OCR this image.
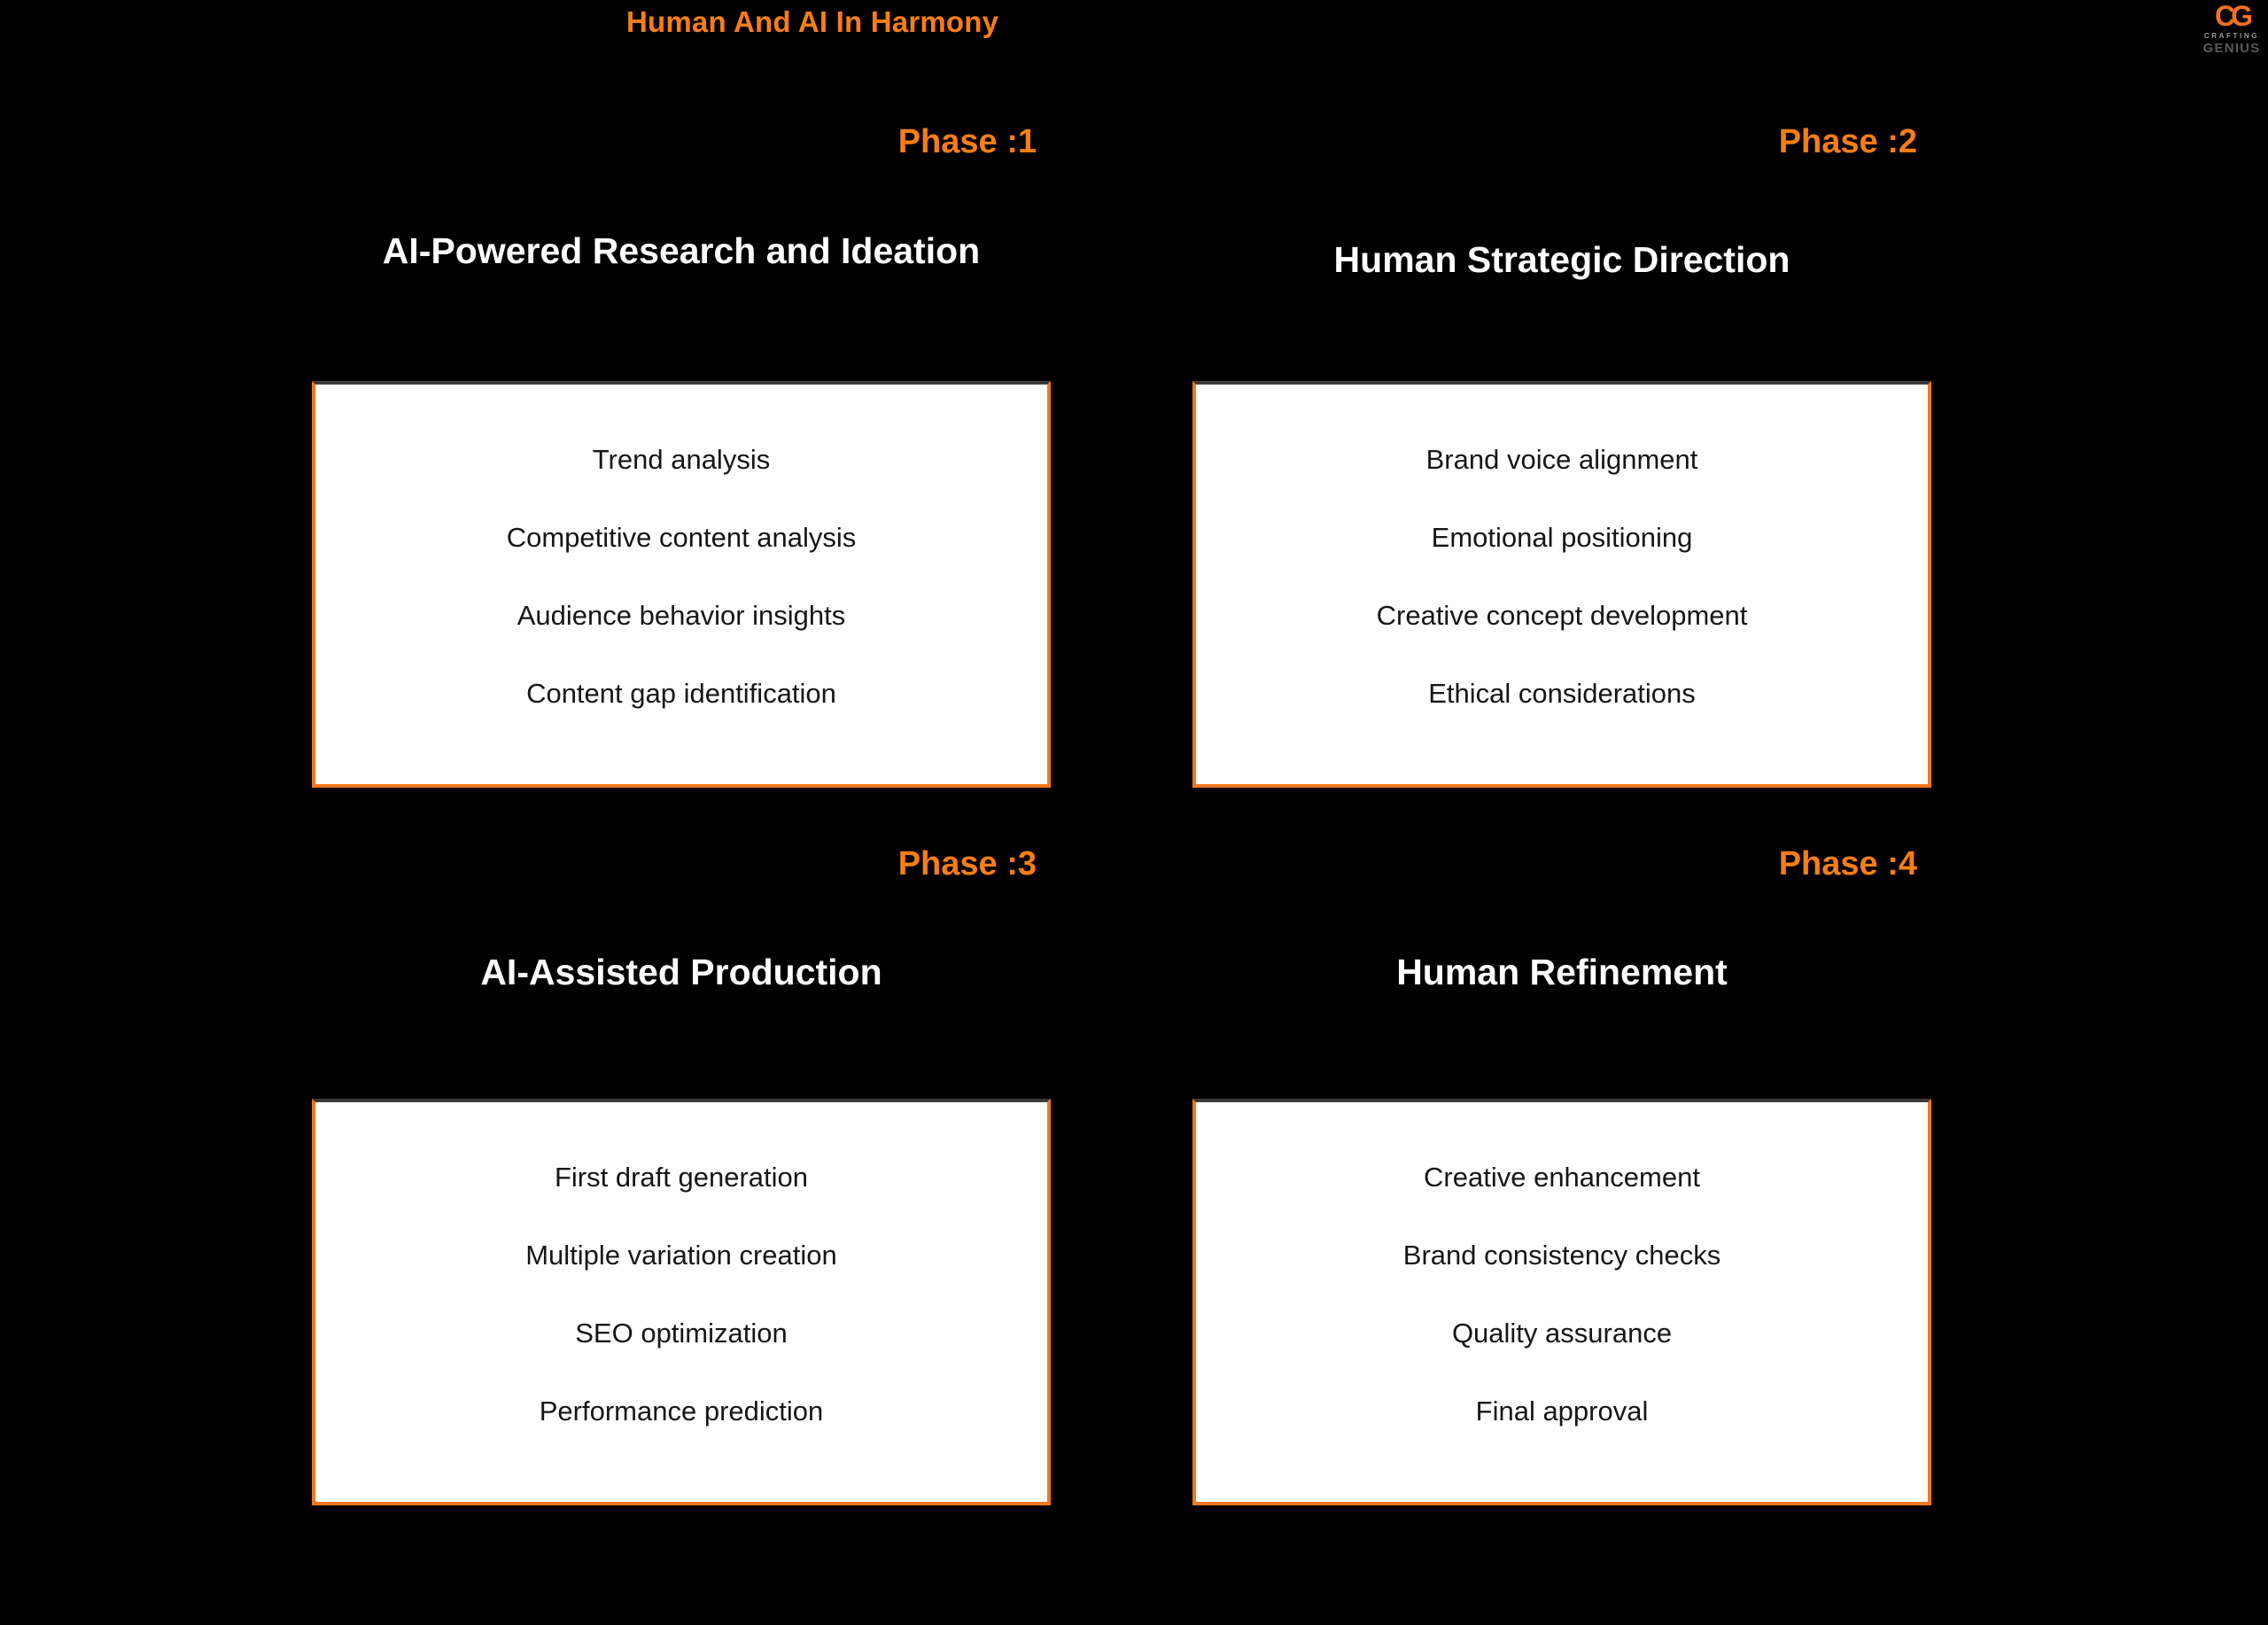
Human And AI In Harmony	CG
CRAFTING
GENIUS
Phase :1
AI-Powered Research and Ideation
Trend analysis
Competitive content analysis
Audience behavior insights
Content gap identification
Phase :2
Human Strategic Direction
Brand voice alignment
Emotional positioning
Creative concept development
Ethical considerations
Phase :3
AI-Assisted Production
First draft generation
Multiple variation creation
SEO optimization
Performance prediction
Phase :4
Human Refinement
Creative enhancement
Brand consistency checks
Quality assurance
Final approval
